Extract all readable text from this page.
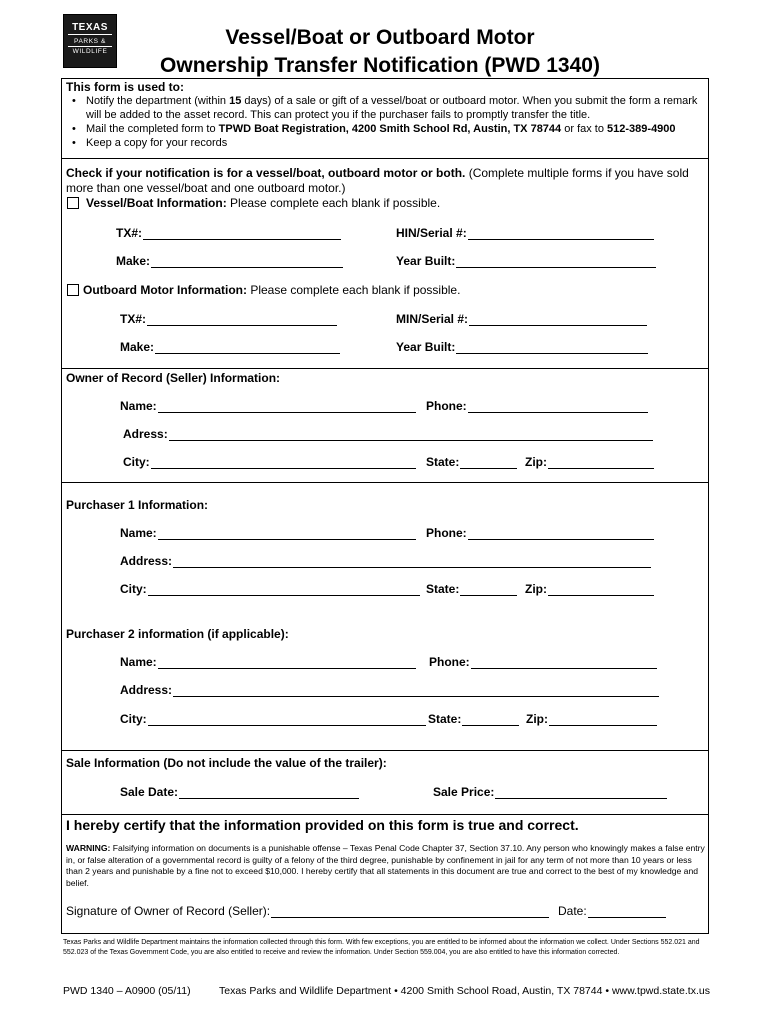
TEXAS
PARKS &
WILDLIFE
Vessel/Boat or Outboard Motor
Ownership Transfer Notification (PWD 1340)
This form is used to:
• Notify the department (within 15 days) of a sale or gift of a vessel/boat or outboard motor. When you submit the form a remark will be added to the asset record. This can protect you if the purchaser fails to promptly transfer the title.
• Mail the completed form to TPWD Boat Registration, 4200 Smith School Rd, Austin, TX 78744 or fax to 512-389-4900
• Keep a copy for your records
Check if your notification is for a vessel/boat, outboard motor or both. (Complete multiple forms if you have sold more than one vessel/boat and one outboard motor.)
Vessel/Boat Information: Please complete each blank if possible.
TX#:	HIN/Serial #:
Make:	Year Built:
Outboard Motor Information: Please complete each blank if possible.
TX#:	MIN/Serial #:
Make:	Year Built:
Owner of Record (Seller) Information:
Name:	Phone:
Adress:
City:	State:	Zip:
Purchaser 1 Information:
Name:	Phone:
Address:
City:	State:	Zip:
Purchaser 2 information (if applicable):
Name:	Phone:
Address:
City:	State:	Zip:
Sale Information (Do not include the value of the trailer):
Sale Date:	Sale Price:
I hereby certify that the information provided on this form is true and correct.
WARNING: Falsifying information on documents is a punishable offense – Texas Penal Code Chapter 37, Section 37.10. Any person who knowingly makes a false entry in, or false alteration of a governmental record is guilty of a felony of the third degree, punishable by confinement in jail for any term of not more than 10 years or less than 2 years and punishable by a fine not to exceed $10,000. I hereby certify that all statements in this document are true and correct to the best of my knowledge and belief.
Signature of Owner of Record (Seller):	Date:
Texas Parks and Wildlife Department maintains the information collected through this form. With few exceptions, you are entitled to be informed about the information we collect. Under Sections 552.021 and 552.023 of the Texas Government Code, you are also entitled to receive and review the information. Under Section 559.004, you are also entitled to have this information corrected.
PWD 1340 – A0900 (05/11)	Texas Parks and Wildlife Department • 4200 Smith School Road, Austin, TX 78744 • www.tpwd.state.tx.us
